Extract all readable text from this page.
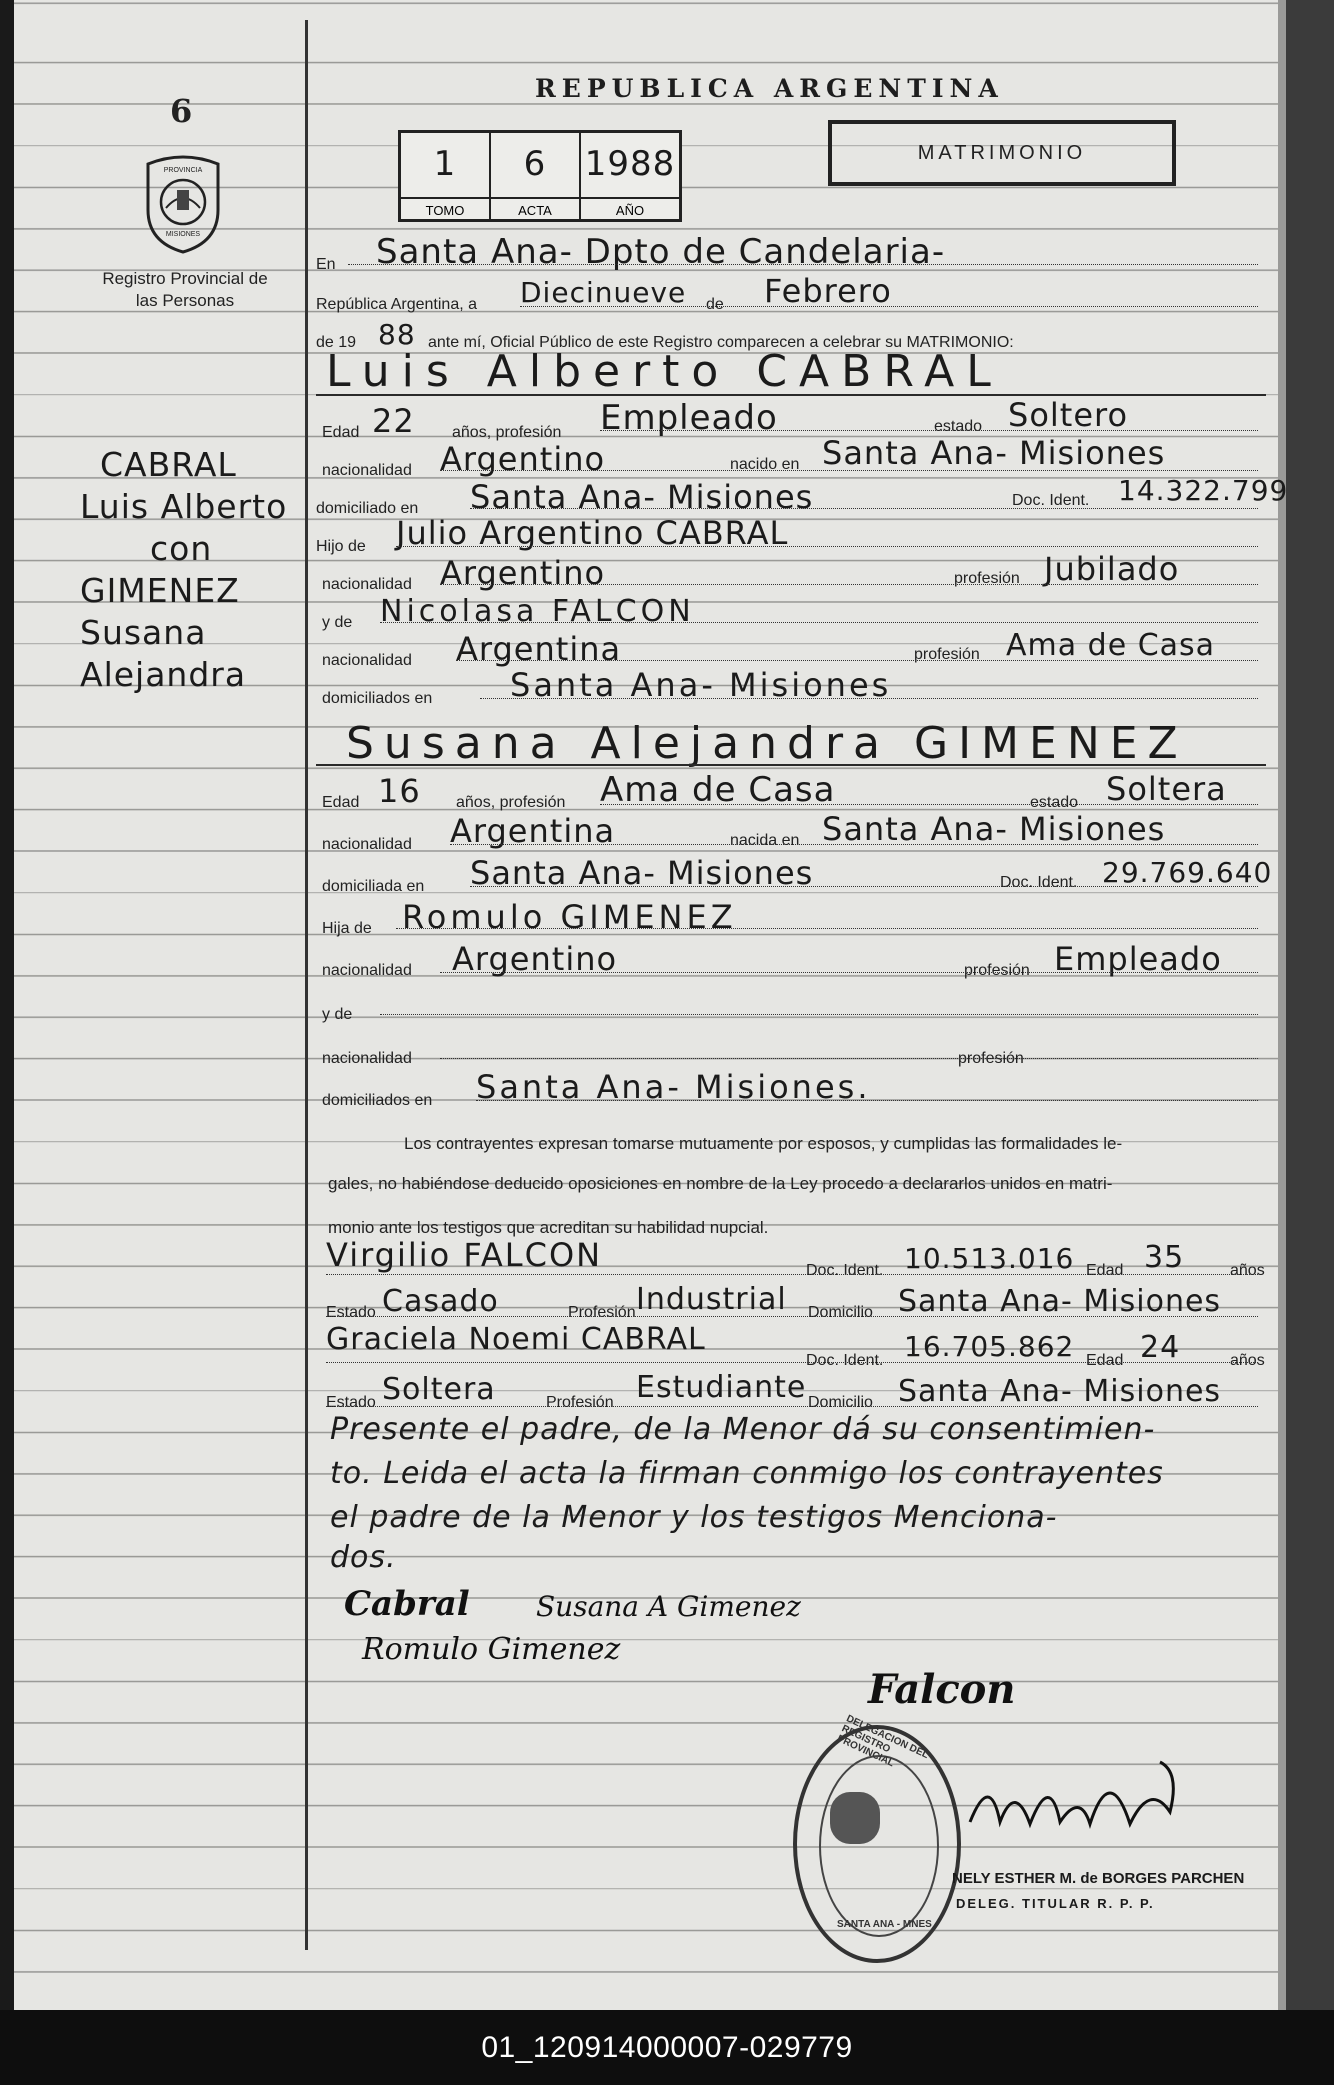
6
PROVINCIA
MISIONES
Registro Provincial de las Personas
REPUBLICA ARGENTINA
MATRIMONIO
1	6	1988
TOMO	ACTA	AÑO
CABRAL
Luis Alberto
con
GIMENEZ
Susana
Alejandra
En Santa Ana- Dpto de Candelaria-
República Argentina, a Diecinueve de Febrero
de 19 88 ante mí, Oficial Público de este Registro comparecen a celebrar su MATRIMONIO:
Luis Alberto CABRAL
Edad 22 años, profesión Empleado	estado Soltero
nacionalidad Argentino	nacido en Santa Ana- Misiones
domiciliado en Santa Ana- Misiones	Doc. Ident. 14.322.799
Hijo de Julio Argentino CABRAL
nacionalidad Argentino	profesión Jubilado
y de Nicolasa FALCON
nacionalidad Argentina	profesión Ama de Casa
domiciliados en Santa Ana- Misiones
Susana Alejandra GIMENEZ
Edad 16 años, profesión Ama de Casa	estado Soltera
nacionalidad Argentina	nacida en Santa Ana- Misiones
domiciliada en Santa Ana- Misiones	Doc. Ident. 29.769.640
Hija de Romulo GIMENEZ
nacionalidad Argentino	profesión Empleado
y de
nacionalidad	profesión
domiciliados en Santa Ana- Misiones.
Los contrayentes expresan tomarse mutuamente por esposos, y cumplidas las formalidades le-
gales, no habiéndose deducido oposiciones en nombre de la Ley procedo a declararlos unidos en matri-
monio ante los testigos que acreditan su habilidad nupcial.
Virgilio FALCON	Doc. Ident. 10.513.016 Edad 35	años
Estado Casado	Profesión Industrial Domicilio Santa Ana- Misiones
Graciela Noemi CABRAL
Doc. Ident. 16.705.862 Edad 24	años
Estado Soltera	Profesión Estudiante Domicilio Santa Ana- Misiones
Presente el padre, de la Menor dá su consentimien-
to. Leida el acta la firman conmigo los contrayentes
el padre de la Menor y los testigos Menciona-
dos.
Susana A Gimenez
Romulo Gimenez
Falcon
Cabral
DELEGACION DEL REGISTRO PROVINCIAL
SANTA ANA - MNES
NELY ESTHER M. de BORGES PARCHEN
DELEG. TITULAR R. P. P.
01_120914000007-029779
